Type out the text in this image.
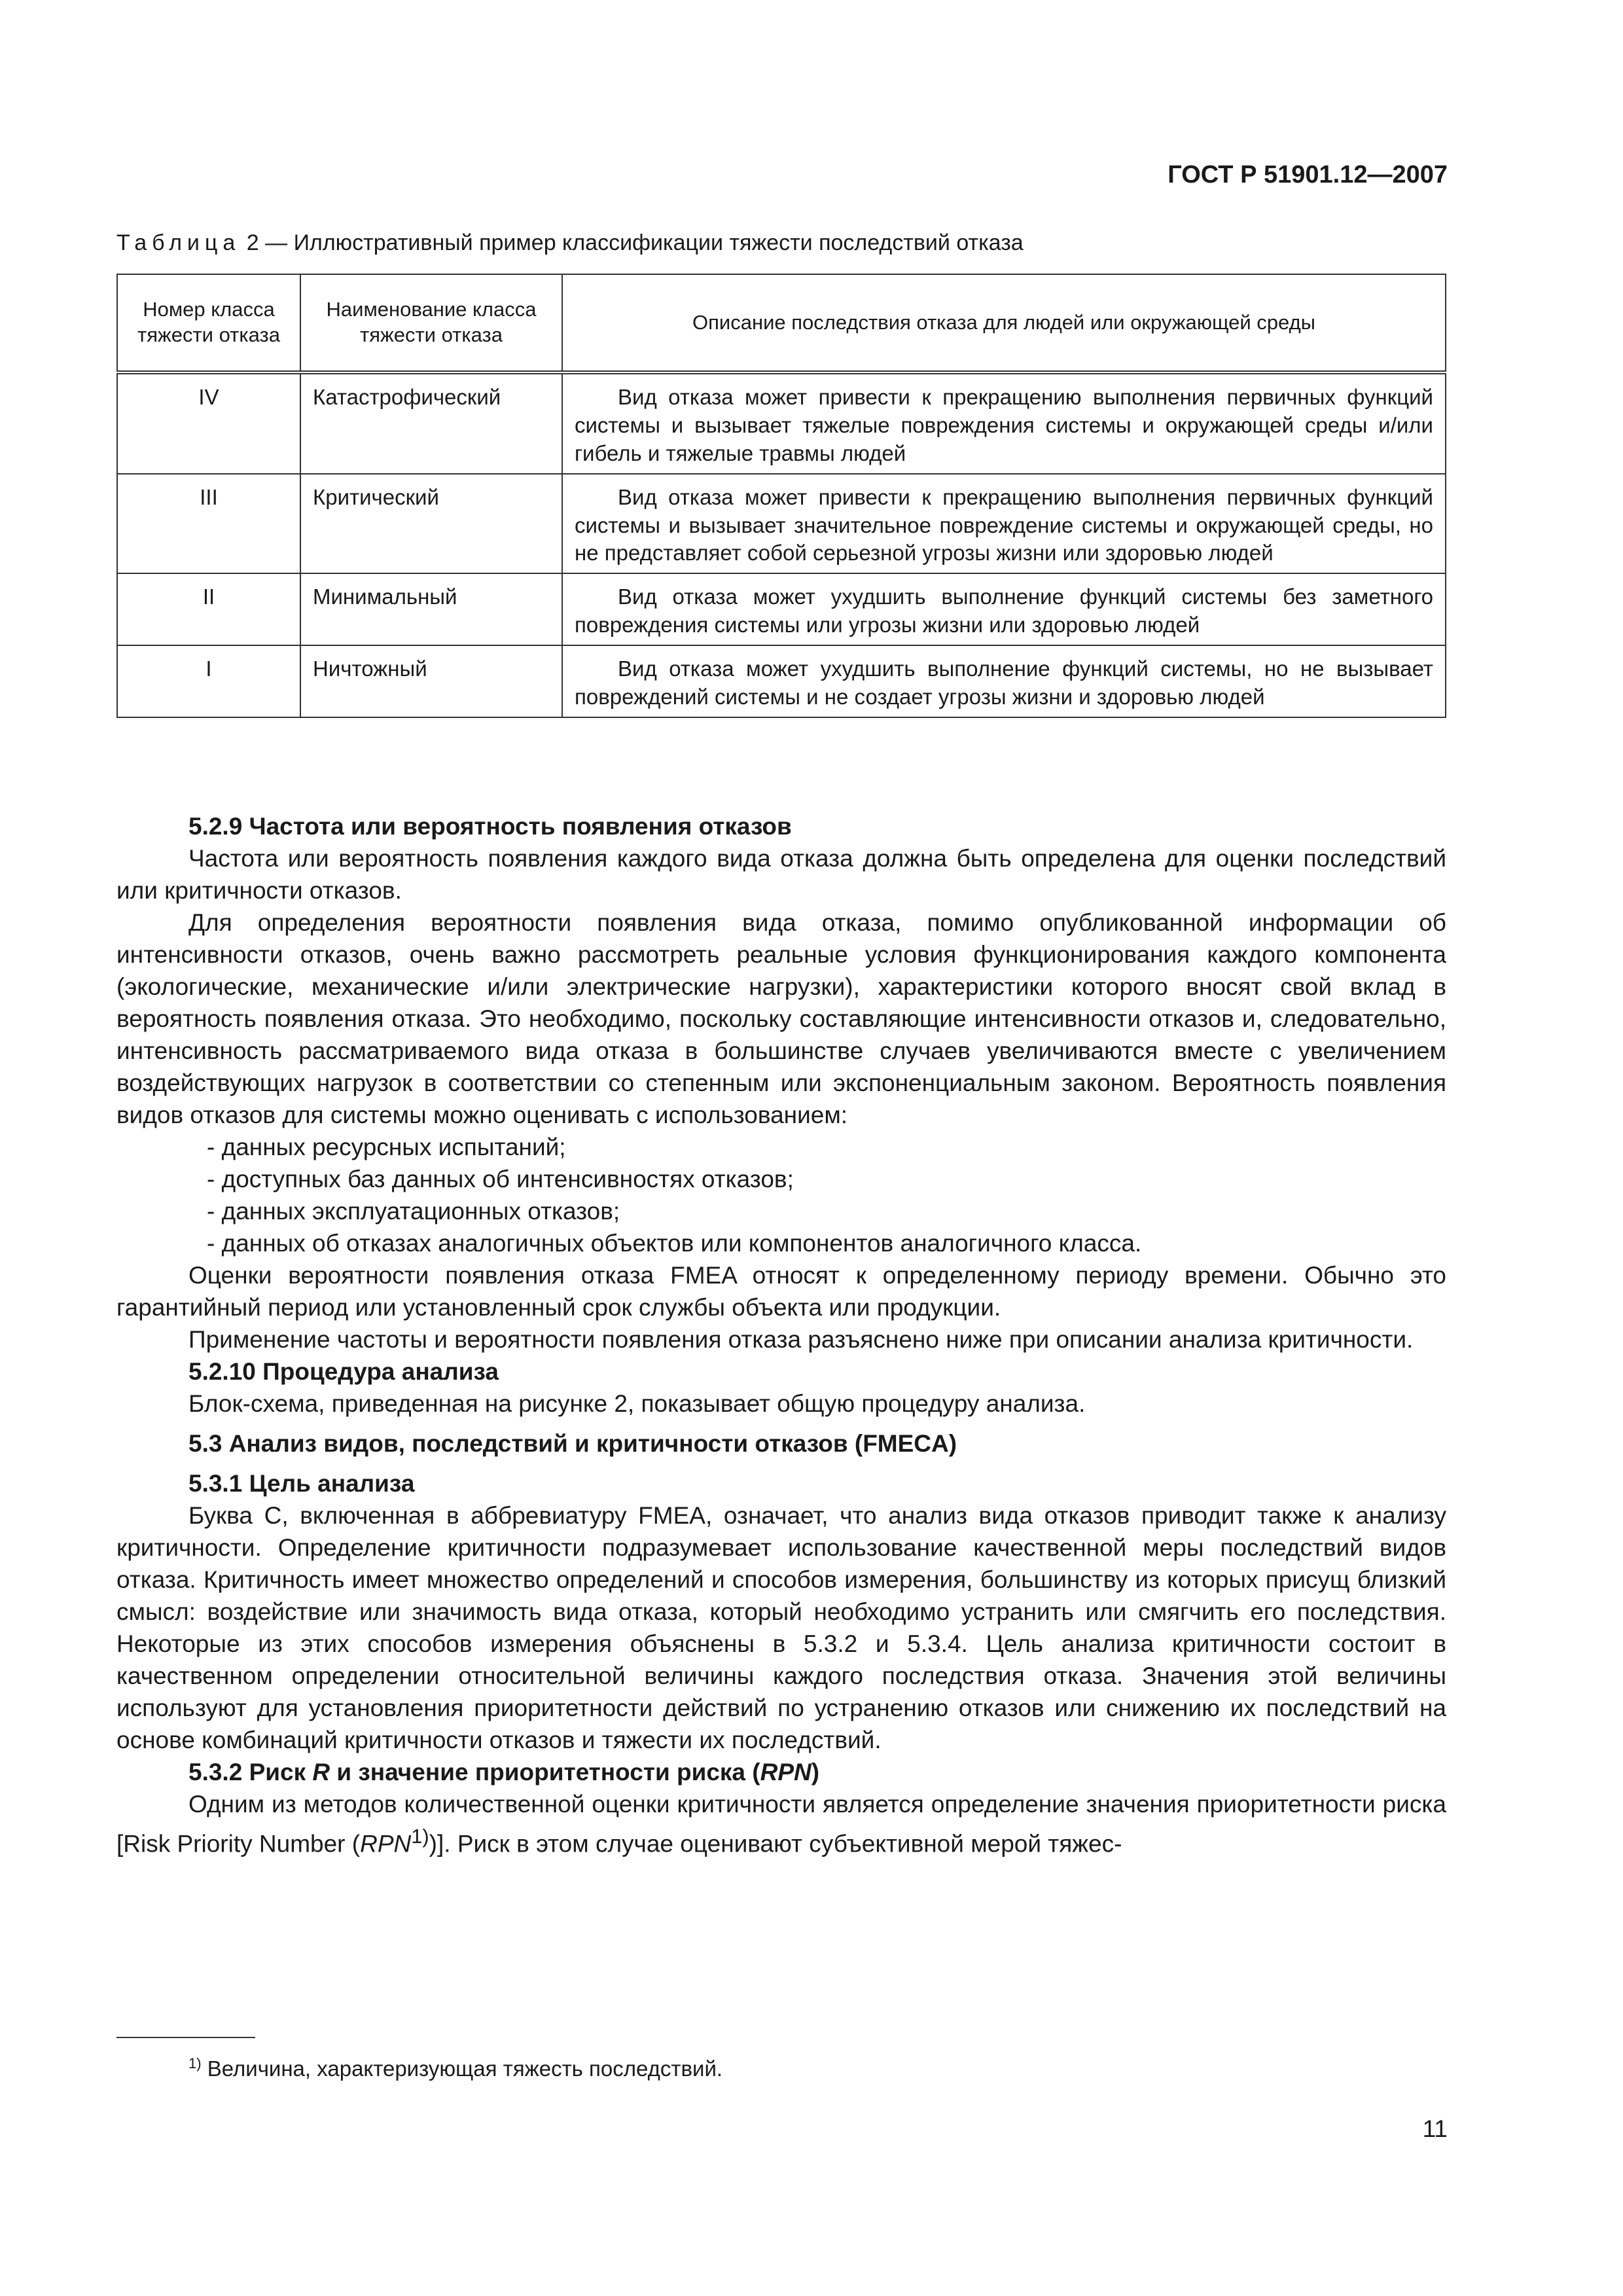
ГОСТ Р 51901.12—2007
Таблица 2 — Иллюстративный пример классификации тяжести последствий отказа
Номер класса тяжести отказа	Наименование класса тяжести отказа	Описание последствия отказа для людей или окружающей среды
IV	Катастрофический	Вид отказа может привести к прекращению выполнения первичных функций системы и вызывает тяжелые повреждения системы и окружающей среды и/или гибель и тяжелые травмы людей
III	Критический	Вид отказа может привести к прекращению выполнения первичных функций системы и вызывает значительное повреждение системы и окружающей среды, но не представляет собой серьезной угрозы жизни или здоровью людей
II	Минимальный	Вид отказа может ухудшить выполнение функций системы без заметного повреждения системы или угрозы жизни или здоровью людей
I	Ничтожный	Вид отказа может ухудшить выполнение функций системы, но не вызывает повреждений системы и не создает угрозы жизни и здоровью людей
5.2.9 Частота или вероятность появления отказов

Частота или вероятность появления каждого вида отказа должна быть определена для оценки последствий или критичности отказов.

Для определения вероятности появления вида отказа, помимо опубликованной информации об интенсивности отказов, очень важно рассмотреть реальные условия функционирования каждого компонента (экологические, механические и/или электрические нагрузки), характеристики которого вносят свой вклад в вероятность появления отказа. Это необходимо, поскольку составляющие интенсивности отказов и, следовательно, интенсивность рассматриваемого вида отказа в большинстве случаев увеличиваются вместе с увеличением воздействующих нагрузок в соответствии со степенным или экспоненциальным законом. Вероятность появления видов отказов для системы можно оценивать с использованием:

- данных ресурсных испытаний;

- доступных баз данных об интенсивностях отказов;

- данных эксплуатационных отказов;

- данных об отказах аналогичных объектов или компонентов аналогичного класса.

Оценки вероятности появления отказа FMEA относят к определенному периоду времени. Обычно это гарантийный период или установленный срок службы объекта или продукции.

Применение частоты и вероятности появления отказа разъяснено ниже при описании анализа критичности.

5.2.10 Процедура анализа

Блок-схема, приведенная на рисунке 2, показывает общую процедуру анализа.

5.3 Анализ видов, последствий и критичности отказов (FMECA)
5.3.1 Цель анализа

Буква С, включенная в аббревиатуру FMEA, означает, что анализ вида отказов приводит также к анализу критичности. Определение критичности подразумевает использование качественной меры последствий видов отказа. Критичность имеет множество определений и способов измерения, большинству из которых присущ близкий смысл: воздействие или значимость вида отказа, который необходимо устранить или смягчить его последствия. Некоторые из этих способов измерения объяснены в 5.3.2 и 5.3.4. Цель анализа критичности состоит в качественном определении относительной величины каждого последствия отказа. Значения этой величины используют для установления приоритетности действий по устранению отказов или снижению их последствий на основе комбинаций критичности отказов и тяжести их последствий.

5.3.2 Риск R и значение приоритетности риска (RPN)

Одним из методов количественной оценки критичности является определение значения приоритетности риска [Risk Priority Number (RPN$^{1)}$)]. Риск в этом случае оценивают субъективной мерой тяжес-

$^{1)}$ Величина, характеризующая тяжесть последствий.
11
